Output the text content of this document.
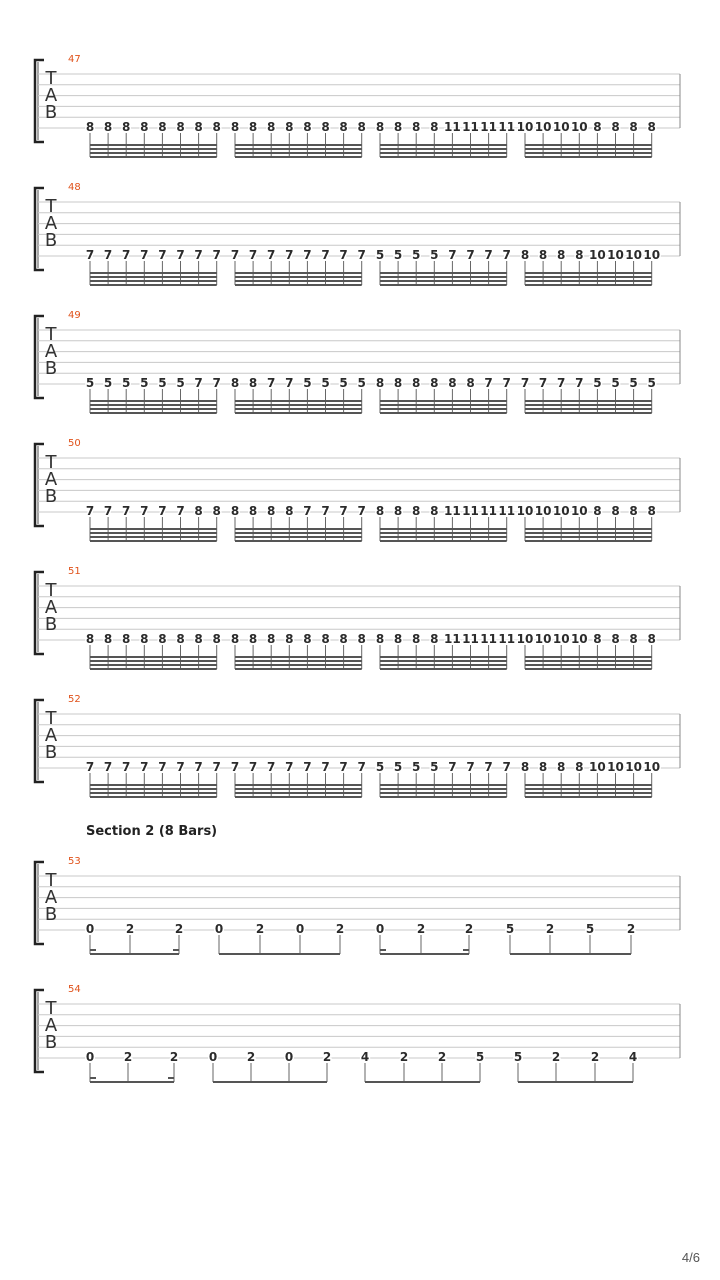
47
T
A
B
8 8 8 8 8 8 8 8 8 8 8 8 8 8 8 8 8 8 8 8 11 11 11 11 10 10 10 10 8 8 8 8
48
T
A
B
7 7 7 7 7 7 7 7 7 7 7 7 7 7 7 7 5 5 5 5 7 7 7 7 8 8 8 8 10 10 10 10
49
T
A
B
5 5 5 5 5 5 7 7 8 8 7 7 5 5 5 5 8 8 8 8 8 8 7 7 7 7 7 7 5 5 5 5
50
T
A
B
7 7 7 7 7 7 8 8 8 8 8 8 7 7 7 7 8 8 8 8 11 11 11 11 10 10 10 10 8 8 8 8
51
T
A
B
8 8 8 8 8 8 8 8 8 8 8 8 8 8 8 8 8 8 8 8 11 11 11 11 10 10 10 10 8 8 8 8
52
T
A
B
7 7 7 7 7 7 7 7 7 7 7 7 7 7 7 7 5 5 5 5 7 7 7 7 8 8 8 8 10 10 10 10
53
T
A
B
0	2	2	0	2	0	2	0	2	2	5	2	5	2
54
T
A
B
0 2	2	0 2 0 2 4	2 2 5 5 2	2 4
Section 2 (8 Bars)
4/6
